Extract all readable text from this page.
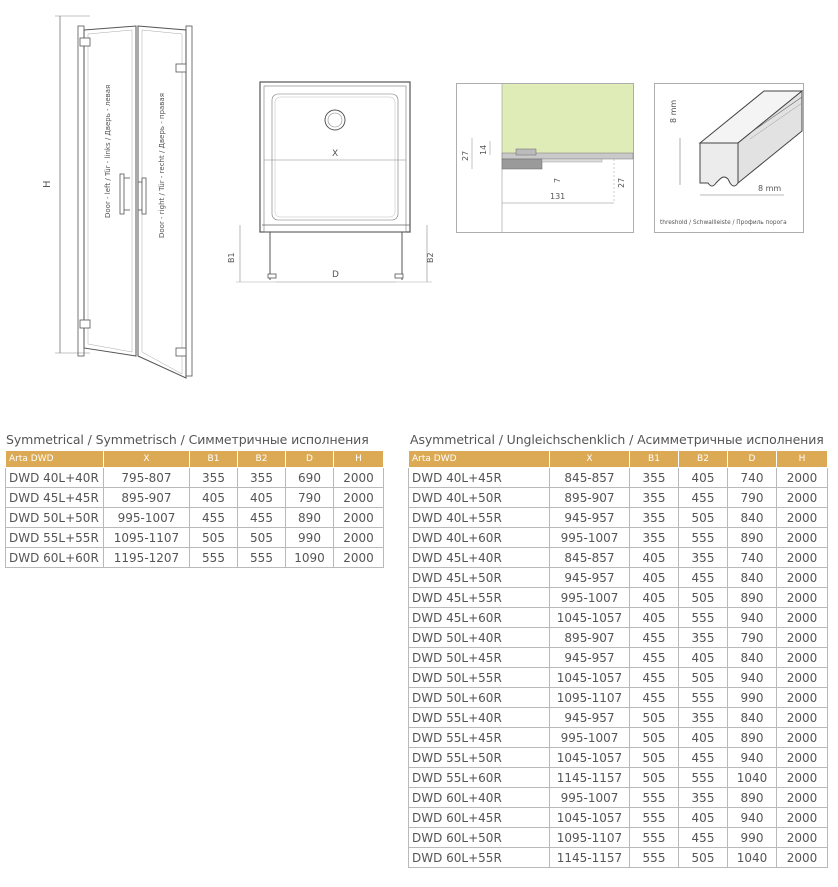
H	Door - left / Tür - links / Дверь - левая	Door - right / Tür - recht / Дверь - правая	X
D
B1	B2
27
14
7	27
131
8 mm
8 mm
threshold / Schwallleiste / Профиль порога
Symmetrical / Symmetrisch / Симметричные исполнения
Arta DWD	X	B1	B2	D	H
DWD 40L+40R	795-807	355	355	690	2000
DWD 45L+45R	895-907	405	405	790	2000
DWD 50L+50R	995-1007	455	455	890	2000
DWD 55L+55R	1095-1107	505	505	990	2000
DWD 60L+60R	1195-1207	555	555	1090	2000
Asymmetrical / Ungleichschenklich / Асимметричные исполнения
Arta DWD	X	B1	B2	D	H
DWD 40L+45R	845-857	355	405	740	2000
DWD 40L+50R	895-907	355	455	790	2000
DWD 40L+55R	945-957	355	505	840	2000
DWD 40L+60R	995-1007	355	555	890	2000
DWD 45L+40R	845-857	405	355	740	2000
DWD 45L+50R	945-957	405	455	840	2000
DWD 45L+55R	995-1007	405	505	890	2000
DWD 45L+60R	1045-1057	405	555	940	2000
DWD 50L+40R	895-907	455	355	790	2000
DWD 50L+45R	945-957	455	405	840	2000
DWD 50L+55R	1045-1057	455	505	940	2000
DWD 50L+60R	1095-1107	455	555	990	2000
DWD 55L+40R	945-957	505	355	840	2000
DWD 55L+45R	995-1007	505	405	890	2000
DWD 55L+50R	1045-1057	505	455	940	2000
DWD 55L+60R	1145-1157	505	555	1040	2000
DWD 60L+40R	995-1007	555	355	890	2000
DWD 60L+45R	1045-1057	555	405	940	2000
DWD 60L+50R	1095-1107	555	455	990	2000
DWD 60L+55R	1145-1157	555	505	1040	2000
